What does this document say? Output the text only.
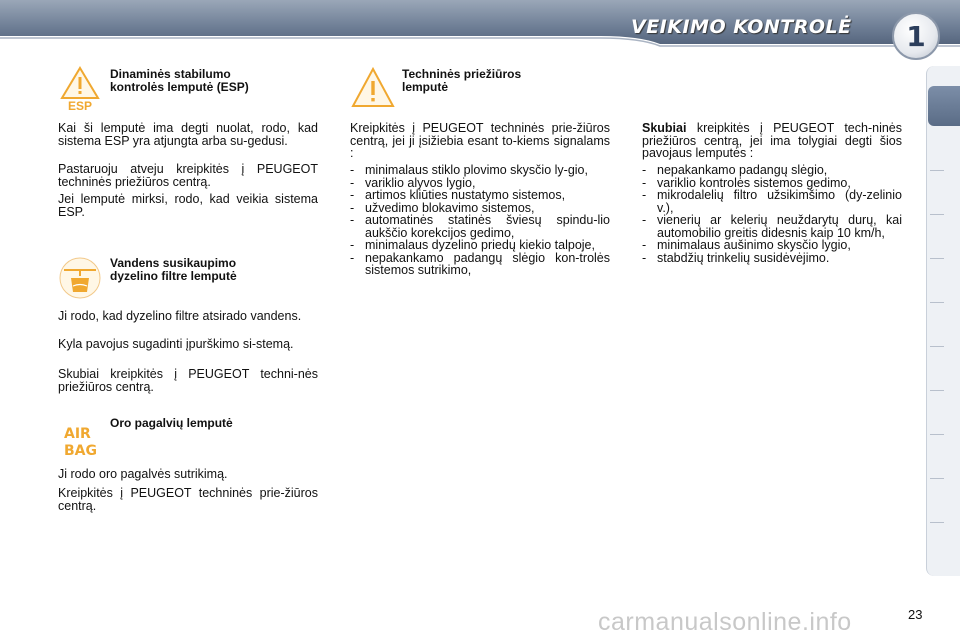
VEIKIMO KONTROLĖ 1
ESP
Dinaminės stabilumo
kontrolės lemputė (ESP)

Kai ši lemputė ima degti nuolat, rodo, kad sistema ESP yra atjungta arba su-gedusi.

Pastaruoju atveju kreipkitės į PEUGEOT techninės priežiūros centrą.

Jei lemputė mirksi, rodo, kad veikia sistema ESP.

Vandens susikaupimo
dyzelino filtre lemputė

Ji rodo, kad dyzelino filtre atsirado vandens.

Kyla pavojus sugadinti įpurškimo si-stemą.

Skubiai kreipkitės į PEUGEOT techni-nės priežiūros centrą.

AIR
BAG
Oro pagalvių lemputė

Ji rodo oro pagalvės sutrikimą.

Kreipkitės į PEUGEOT techninės prie-žiūros centrą.

Techninės priežiūros
lemputė

Kreipkitės į PEUGEOT techninės prie-žiūros centrą, jei ji įsižiebia esant to-kiems signalams :

- minimalaus stiklo plovimo skysčio ly-gio,
- variklio alyvos lygio,
- artimos kliūties nustatymo sistemos,
- užvedimo blokavimo sistemos,
- automatinės statinės šviesų spindu-lio aukščio korekcijos gedimo,
- minimalaus dyzelino priedų kiekio talpoje,
- nepakankamo padangų slėgio kon-trolės sistemos sutrikimo,

Skubiai kreipkitės į PEUGEOT tech-ninės priežiūros centrą, jei ima tolygiai degti šios pavojaus lemputės :

- nepakankamo padangų slėgio,
- variklio kontrolės sistemos gedimo,
- mikrodalelių filtro užsikimšimo (dy-zelinio v.),
- vienerių ar kelerių neuždarytų durų, kai automobilio greitis didesnis kaip 10 km/h,
- minimalaus aušinimo skysčio lygio,
- stabdžių trinkelių susidėvėjimo.
carmanualsonline.info	23
